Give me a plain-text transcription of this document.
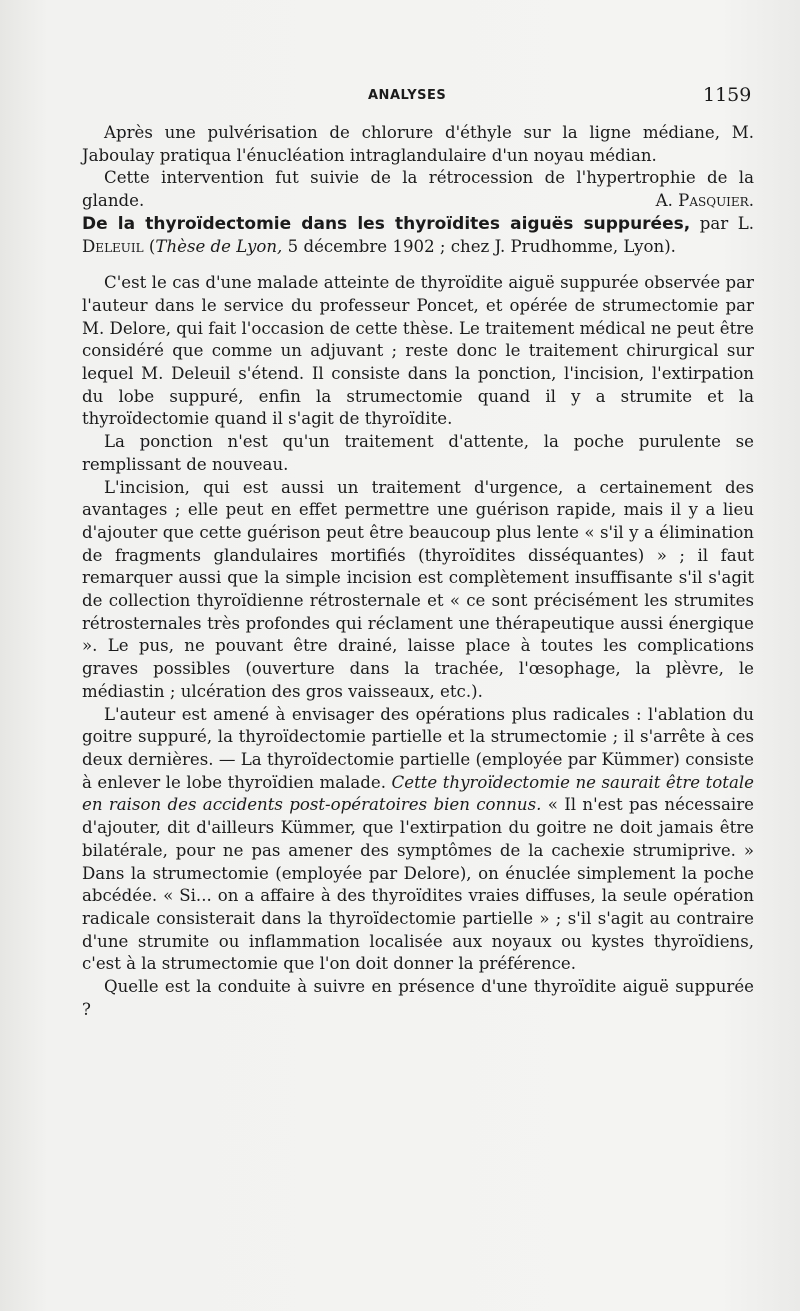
ANALYSES	1159

Après une pulvérisation de chlorure d'éthyle sur la ligne médiane, M. Jaboulay pratiqua l'énucléation intraglandulaire d'un noyau médian.

Cette intervention fut suivie de la rétrocession de l'hypertrophie de la glande.	A. Pasquier.

De la thyroïdectomie dans les thyroïdites aiguës suppurées, par L. Deleuil (Thèse de Lyon, 5 décembre 1902 ; chez J. Prudhomme, Lyon).

C'est le cas d'une malade atteinte de thyroïdite aiguë suppurée observée par l'auteur dans le service du professeur Poncet, et opérée de strumectomie par M. Delore, qui fait l'occasion de cette thèse. Le traitement médical ne peut être considéré que comme un adjuvant ; reste donc le traitement chirurgical sur lequel M. Deleuil s'étend. Il consiste dans la ponction, l'incision, l'extirpation du lobe suppuré, enfin la strumectomie quand il y a strumite et la thyroïdectomie quand il s'agit de thyroïdite.

La ponction n'est qu'un traitement d'attente, la poche purulente se remplissant de nouveau.

L'incision, qui est aussi un traitement d'urgence, a certainement des avantages ; elle peut en effet permettre une guérison rapide, mais il y a lieu d'ajouter que cette guérison peut être beaucoup plus lente « s'il y a élimination de fragments glandulaires mortifiés (thyroïdites disséquantes) » ; il faut remarquer aussi que la simple incision est complètement insuffisante s'il s'agit de collection thyroïdienne rétrosternale et « ce sont précisément les strumites rétrosternales très profondes qui réclament une thérapeutique aussi énergique ». Le pus, ne pouvant être drainé, laisse place à toutes les complications graves possibles (ouverture dans la trachée, l'œsophage, la plèvre, le médiastin ; ulcération des gros vaisseaux, etc.).

L'auteur est amené à envisager des opérations plus radicales : l'ablation du goitre suppuré, la thyroïdectomie partielle et la strumectomie ; il s'arrête à ces deux dernières. — La thyroïdectomie partielle (employée par Kümmer) consiste à enlever le lobe thyroïdien malade. Cette thyroïdectomie ne saurait être totale en raison des accidents post-opératoires bien connus. « Il n'est pas nécessaire d'ajouter, dit d'ailleurs Kümmer, que l'extirpation du goitre ne doit jamais être bilatérale, pour ne pas amener des symptômes de la cachexie strumiprive. » Dans la strumectomie (employée par Delore), on énuclée simplement la poche abcédée. « Si... on a affaire à des thyroïdites vraies diffuses, la seule opération radicale consisterait dans la thyroïdectomie partielle » ; s'il s'agit au contraire d'une strumite ou inflammation localisée aux noyaux ou kystes thyroïdiens, c'est à la strumectomie que l'on doit donner la préférence.

Quelle est la conduite à suivre en présence d'une thyroïdite aiguë suppurée ?
